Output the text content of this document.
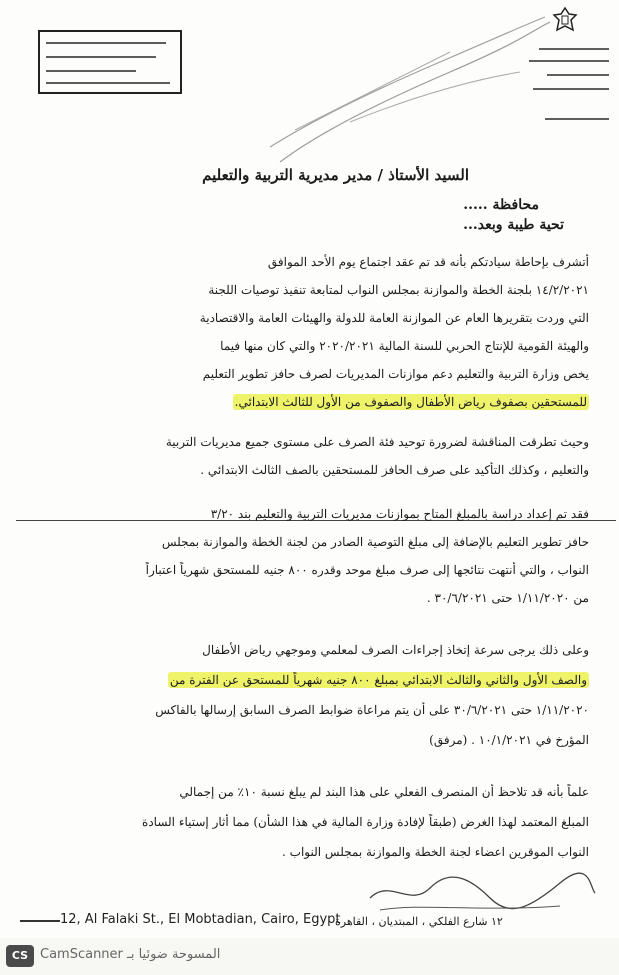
السيد الأستاذ / مدير مديرية التربية والتعليم
محافظة .....
تحية طيبة وبعد...
أتشرف بإحاطة سيادتكم بأنه قد تم عقد اجتماع يوم الأحد الموافق
١٤/٢/٢٠٢١ بلجنة الخطة والموازنة بمجلس النواب لمتابعة تنفيذ توصيات اللجنة
التي وردت بتقريرها العام عن الموازنة العامة للدولة والهيئات العامة والاقتصادية
والهيئة القومية للإنتاج الحربي للسنة المالية ٢٠٢٠/٢٠٢١ والتي كان منها فيما
يخص وزارة التربية والتعليم دعم موازنات المديريات لصرف حافز تطوير التعليم
للمستحقين بصفوف رياض الأطفال والصفوف من الأول للثالث الابتدائي.
وحيث تطرقت المناقشة لضرورة توحيد فئة الصرف على مستوى جميع مديريات التربية
والتعليم ، وكذلك التأكيد على صرف الحافز للمستحقين بالصف الثالث الابتدائي .
فقد تم إعداد دراسة بالمبلغ المتاح بموازنات مديريات التربية والتعليم بند ٣/٢٠
حافز تطوير التعليم بالإضافة إلى مبلغ التوصية الصادر من لجنة الخطة والموازنة بمجلس
النواب ، والتي أنتهت نتائجها إلى صرف مبلغ موحد وقدره ٨٠٠ جنيه للمستحق شهرياً اعتباراً
من ١/١١/٢٠٢٠ حتى ٣٠/٦/٢٠٢١ .
وعلى ذلك يرجى سرعة إتخاذ إجراءات الصرف لمعلمي وموجهي رياض الأطفال
والصف الأول والثاني والثالث الابتدائي بمبلغ ٨٠٠ جنيه شهرياً للمستحق عن الفترة من
١/١١/٢٠٢٠ حتى ٣٠/٦/٢٠٢١ على أن يتم مراعاة ضوابط الصرف السابق إرسالها بالفاكس
المؤرخ في ١٠/١/٢٠٢١ . (مرفق)
علماً بأنه قد تلاحظ أن المنصرف الفعلي على هذا البند لم يبلغ نسبة ١٠٪ من إجمالي
المبلغ المعتمد لهذا الغرض (طبقاً لإفادة وزارة المالية في هذا الشأن) مما أثار إستياء السادة
النواب الموقرين اعضاء لجنة الخطة والموازنة بمجلس النواب .
12, Al Falaki St., El Mobtadian, Cairo, Egypt
١٢ شارع الفلكي ، المبتديان ، القاهرة
CS CamScanner المسوحة ضوئيا بـ
